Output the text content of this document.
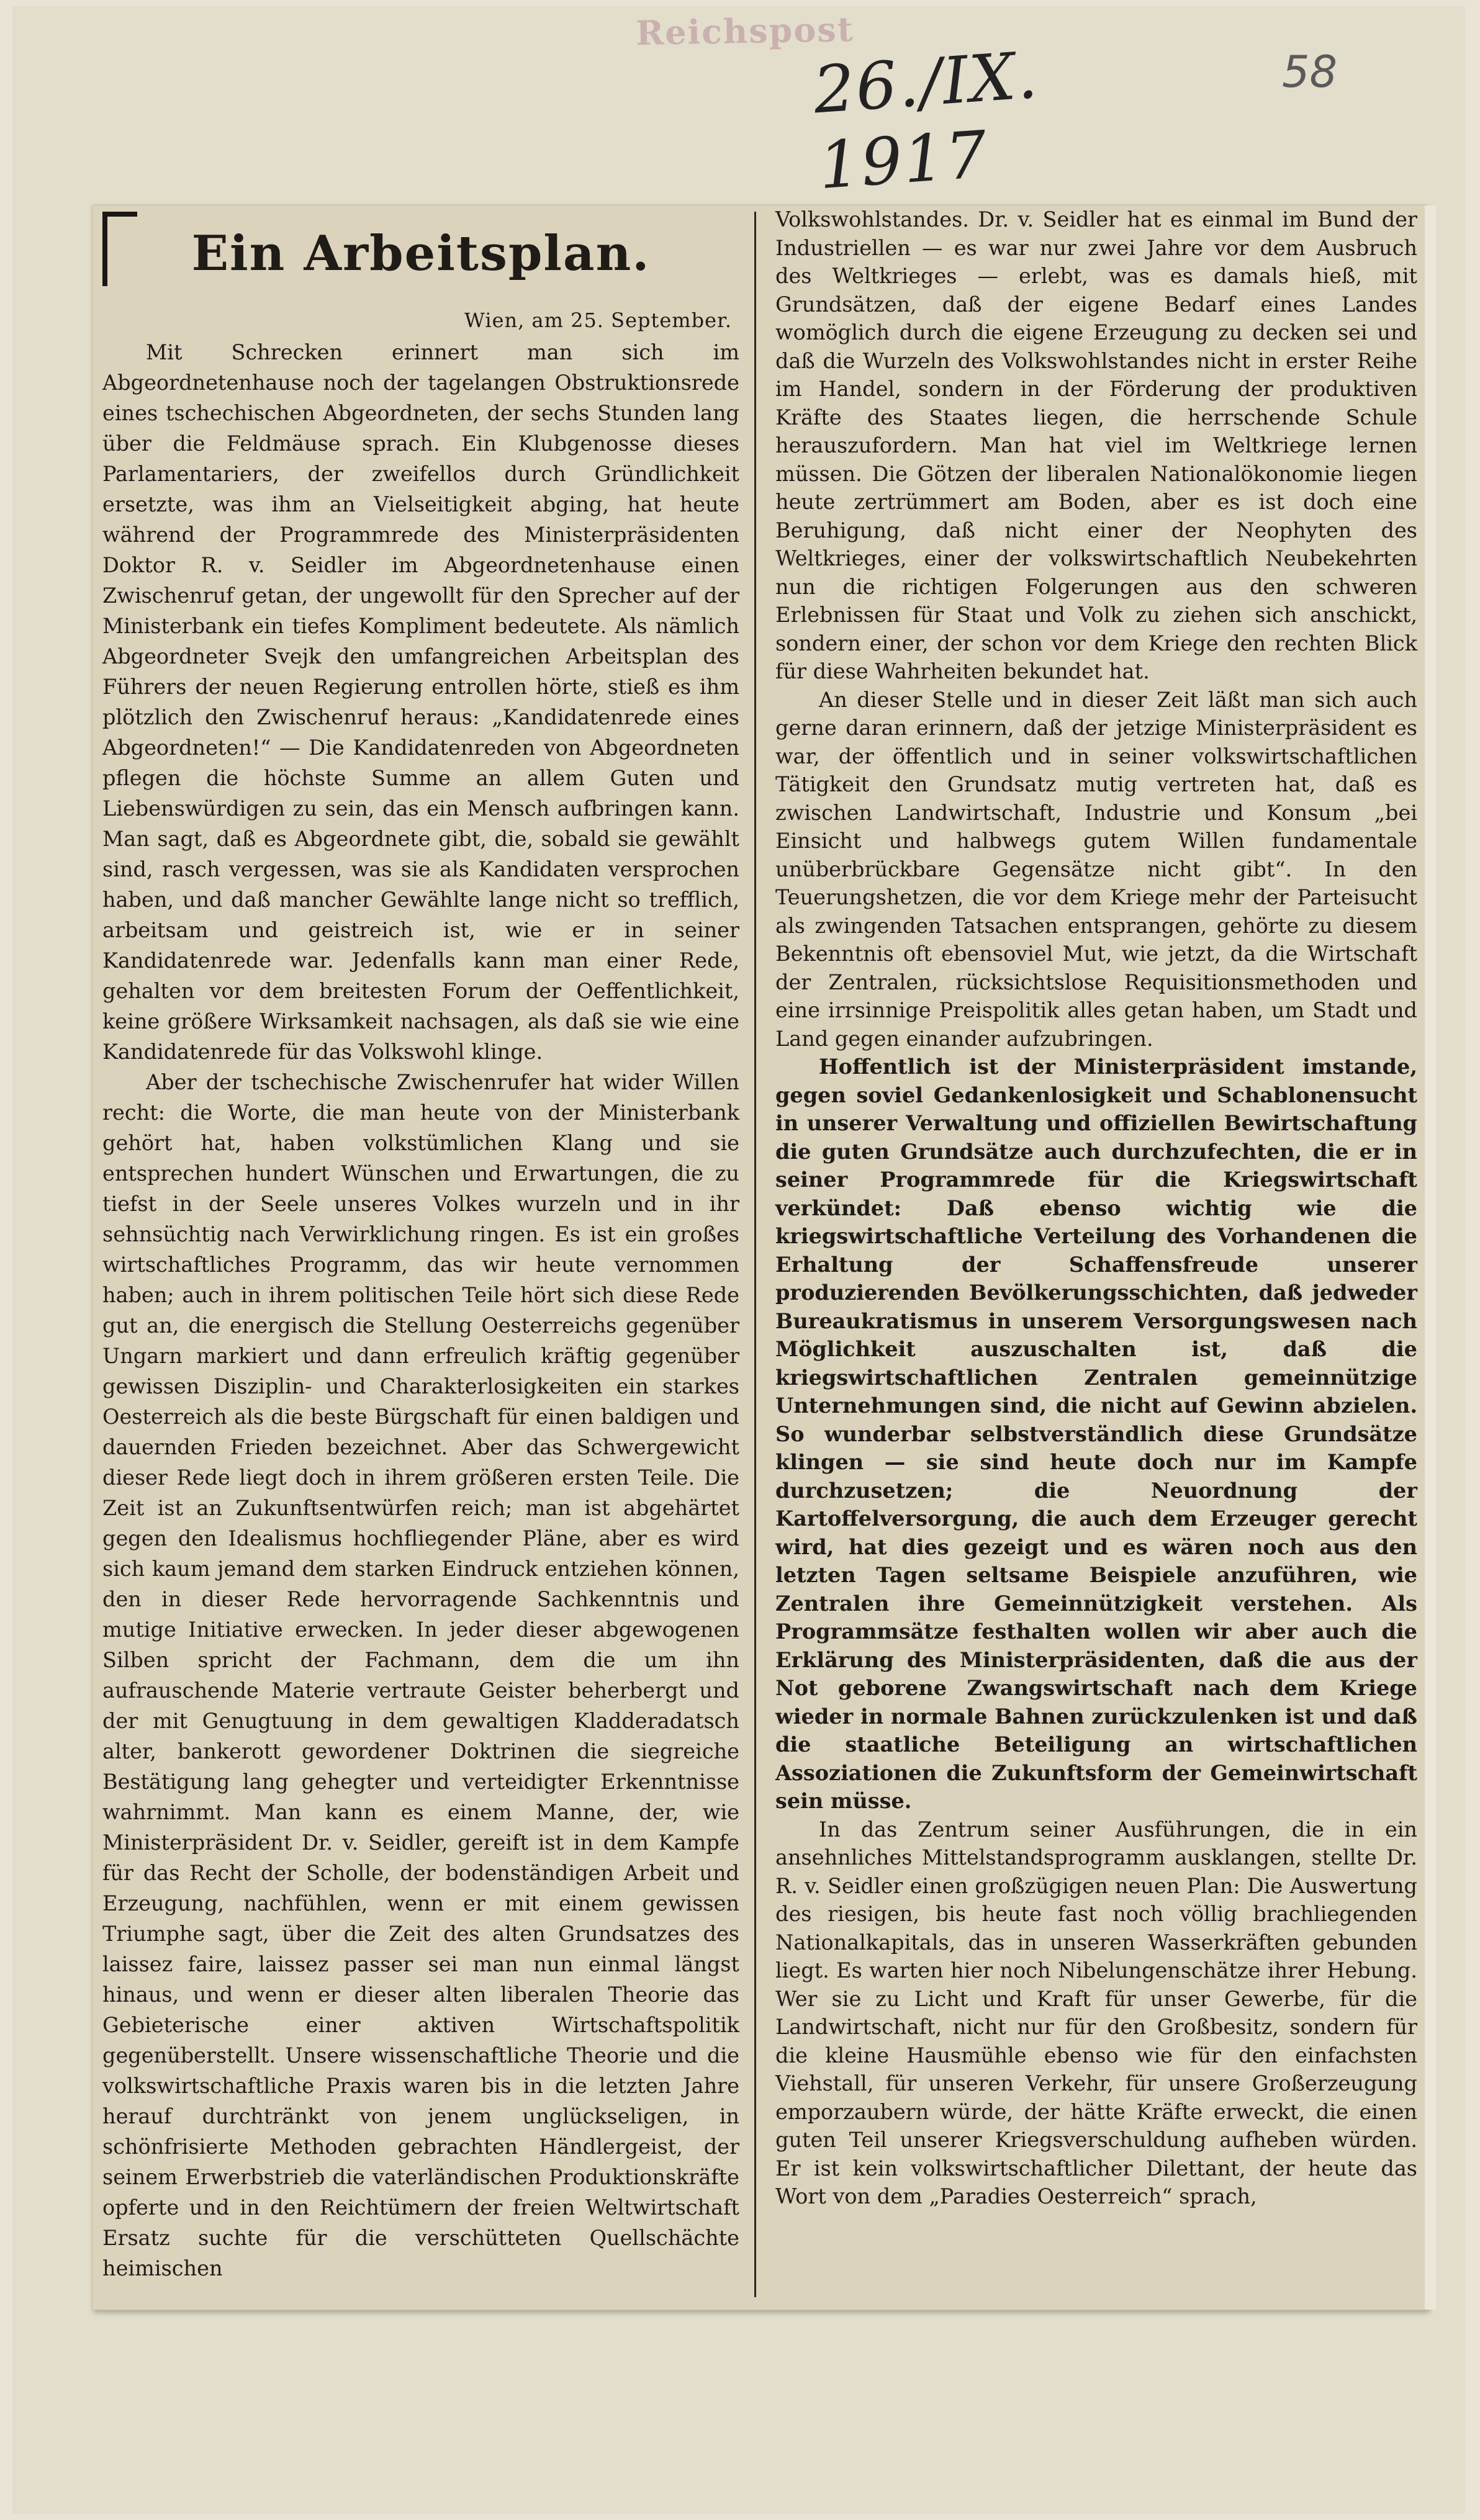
Reichspost
26./IX. 1917
58
Ein Arbeitsplan.

Wien, am 25. September.

Mit Schrecken erinnert man sich im Abgeordnetenhause noch der tagelangen Obstruktionsrede eines tschechischen Abgeordneten, der sechs Stunden lang über die Feldmäuse sprach. Ein Klubgenosse dieses Parlamentariers, der zweifellos durch Gründlichkeit ersetzte, was ihm an Vielseitigkeit abging, hat heute während der Programmrede des Ministerpräsidenten Doktor R. v. Seidler im Abgeordnetenhause einen Zwischenruf getan, der ungewollt für den Sprecher auf der Ministerbank ein tiefes Kompliment bedeutete. Als nämlich Abgeordneter Svejk den umfangreichen Arbeitsplan des Führers der neuen Regierung entrollen hörte, stieß es ihm plötzlich den Zwischenruf heraus: „Kandidatenrede eines Abgeordneten!“ — Die Kandidatenreden von Abgeordneten pflegen die höchste Summe an allem Guten und Liebenswürdigen zu sein, das ein Mensch aufbringen kann. Man sagt, daß es Abgeordnete gibt, die, sobald sie gewählt sind, rasch vergessen, was sie als Kandidaten versprochen haben, und daß mancher Gewählte lange nicht so trefflich, arbeitsam und geistreich ist, wie er in seiner Kandidatenrede war. Jedenfalls kann man einer Rede, gehalten vor dem breitesten Forum der Oeffentlichkeit, keine größere Wirksamkeit nachsagen, als daß sie wie eine Kandidatenrede für das Volkswohl klinge.

Aber der tschechische Zwischenrufer hat wider Willen recht: die Worte, die man heute von der Ministerbank gehört hat, haben volkstümlichen Klang und sie entsprechen hundert Wünschen und Erwartungen, die zu tiefst in der Seele unseres Volkes wurzeln und in ihr sehnsüchtig nach Verwirklichung ringen. Es ist ein großes wirtschaftliches Programm, das wir heute vernommen haben; auch in ihrem politischen Teile hört sich diese Rede gut an, die energisch die Stellung Oesterreichs gegenüber Ungarn markiert und dann erfreulich kräftig gegenüber gewissen Disziplin- und Charakterlosigkeiten ein starkes Oesterreich als die beste Bürgschaft für einen baldigen und dauernden Frieden bezeichnet. Aber das Schwergewicht dieser Rede liegt doch in ihrem größeren ersten Teile. Die Zeit ist an Zukunftsentwürfen reich; man ist abgehärtet gegen den Idealismus hochfliegender Pläne, aber es wird sich kaum jemand dem starken Eindruck entziehen können, den in dieser Rede hervorragende Sachkenntnis und mutige Initiative erwecken. In jeder dieser abgewogenen Silben spricht der Fachmann, dem die um ihn aufrauschende Materie vertraute Geister beherbergt und der mit Genugtuung in dem gewaltigen Kladderadatsch alter, bankerott gewordener Doktrinen die siegreiche Bestätigung lang gehegter und verteidigter Erkenntnisse wahrnimmt. Man kann es einem Manne, der, wie Ministerpräsident Dr. v. Seidler, gereift ist in dem Kampfe für das Recht der Scholle, der bodenständigen Arbeit und Erzeugung, nachfühlen, wenn er mit einem gewissen Triumphe sagt, über die Zeit des alten Grundsatzes des laissez faire, laissez passer sei man nun einmal längst hinaus, und wenn er dieser alten liberalen Theorie das Gebieterische einer aktiven Wirtschaftspolitik gegenüberstellt. Unsere wissenschaftliche Theorie und die volkswirtschaftliche Praxis waren bis in die letzten Jahre herauf durchtränkt von jenem unglückseligen, in schönfrisierte Methoden gebrachten Händlergeist, der seinem Erwerbstrieb die vaterländischen Produktionskräfte opferte und in den Reichtümern der freien Weltwirtschaft Ersatz suchte für die verschütteten Quellschächte heimischen

Volkswohlstandes. Dr. v. Seidler hat es einmal im Bund der Industriellen — es war nur zwei Jahre vor dem Ausbruch des Weltkrieges — erlebt, was es damals hieß, mit Grundsätzen, daß der eigene Bedarf eines Landes womöglich durch die eigene Erzeugung zu decken sei und daß die Wurzeln des Volkswohlstandes nicht in erster Reihe im Handel, sondern in der Förderung der produktiven Kräfte des Staates liegen, die herrschende Schule herauszufordern. Man hat viel im Weltkriege lernen müssen. Die Götzen der liberalen Nationalökonomie liegen heute zertrümmert am Boden, aber es ist doch eine Beruhigung, daß nicht einer der Neophyten des Weltkrieges, einer der volkswirtschaftlich Neubekehrten nun die richtigen Folgerungen aus den schweren Erlebnissen für Staat und Volk zu ziehen sich anschickt, sondern einer, der schon vor dem Kriege den rechten Blick für diese Wahrheiten bekundet hat.

An dieser Stelle und in dieser Zeit läßt man sich auch gerne daran erinnern, daß der jetzige Ministerpräsident es war, der öffentlich und in seiner volkswirtschaftlichen Tätigkeit den Grundsatz mutig vertreten hat, daß es zwischen Landwirtschaft, Industrie und Konsum „bei Einsicht und halbwegs gutem Willen fundamentale unüberbrückbare Gegensätze nicht gibt“. In den Teuerungshetzen, die vor dem Kriege mehr der Parteisucht als zwingenden Tatsachen entsprangen, gehörte zu diesem Bekenntnis oft ebensoviel Mut, wie jetzt, da die Wirtschaft der Zentralen, rücksichtslose Requisitionsmethoden und eine irrsinnige Preispolitik alles getan haben, um Stadt und Land gegen einander aufzubringen.

Hoffentlich ist der Ministerpräsident imstande, gegen soviel Gedankenlosigkeit und Schablonensucht in unserer Verwaltung und offiziellen Bewirtschaftung die guten Grundsätze auch durchzufechten, die er in seiner Programmrede für die Kriegswirtschaft verkündet: Daß ebenso wichtig wie die kriegswirtschaftliche Verteilung des Vorhandenen die Erhaltung der Schaffensfreude unserer produzierenden Bevölkerungsschichten, daß jedweder Bureaukratismus in unserem Versorgungswesen nach Möglichkeit auszuschalten ist, daß die kriegswirtschaftlichen Zentralen gemeinnützige Unternehmungen sind, die nicht auf Gewinn abzielen. So wunderbar selbstverständlich diese Grundsätze klingen — sie sind heute doch nur im Kampfe durchzusetzen; die Neuordnung der Kartoffelversorgung, die auch dem Erzeuger gerecht wird, hat dies gezeigt und es wären noch aus den letzten Tagen seltsame Beispiele anzuführen, wie Zentralen ihre Gemeinnützigkeit verstehen. Als Programmsätze festhalten wollen wir aber auch die Erklärung des Ministerpräsidenten, daß die aus der Not geborene Zwangswirtschaft nach dem Kriege wieder in normale Bahnen zurückzulenken ist und daß die staatliche Beteiligung an wirtschaftlichen Assoziationen die Zukunftsform der Gemeinwirtschaft sein müsse.

In das Zentrum seiner Ausführungen, die in ein ansehnliches Mittelstandsprogramm ausklangen, stellte Dr. R. v. Seidler einen großzügigen neuen Plan: Die Auswertung des riesigen, bis heute fast noch völlig brachliegenden Nationalkapitals, das in unseren Wasserkräften gebunden liegt. Es warten hier noch Nibelungenschätze ihrer Hebung. Wer sie zu Licht und Kraft für unser Gewerbe, für die Landwirtschaft, nicht nur für den Großbesitz, sondern für die kleine Hausmühle ebenso wie für den einfachsten Viehstall, für unseren Verkehr, für unsere Großerzeugung emporzaubern würde, der hätte Kräfte erweckt, die einen guten Teil unserer Kriegsverschuldung aufheben würden. Er ist kein volkswirtschaftlicher Dilettant, der heute das Wort von dem „Paradies Oesterreich“ sprach,
